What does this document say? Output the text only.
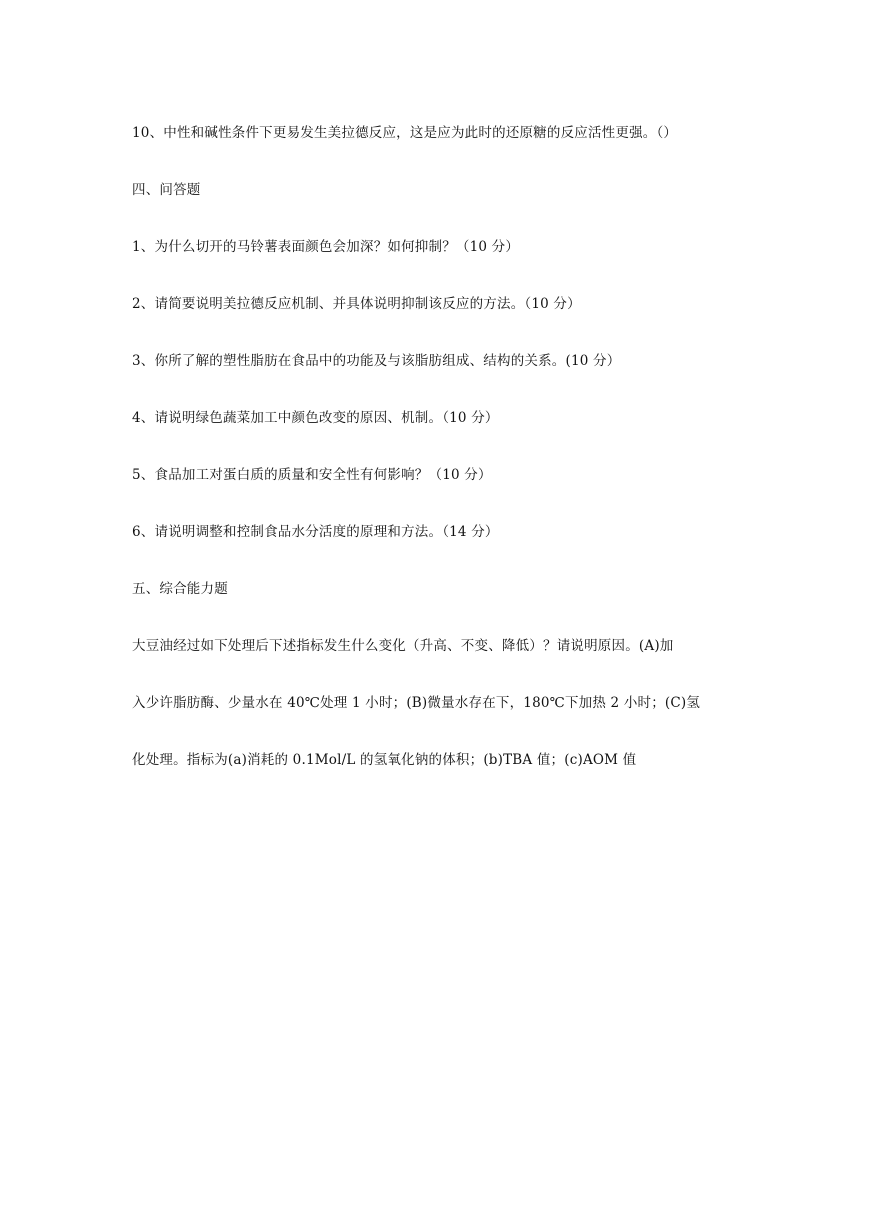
10、中性和碱性条件下更易发生美拉德反应，这是应为此时的还原糖的反应活性更强。（）
四、问答题
1、为什么切开的马铃薯表面颜色会加深？如何抑制？（10 分）
2、请简要说明美拉德反应机制、并具体说明抑制该反应的方法。（10 分）
3、你所了解的塑性脂肪在食品中的功能及与该脂肪组成、结构的关系。(10 分）
4、请说明绿色蔬菜加工中颜色改变的原因、机制。（10 分）
5、食品加工对蛋白质的质量和安全性有何影响？（10 分）
6、请说明调整和控制食品水分活度的原理和方法。（14 分）
五、综合能力题
大豆油经过如下处理后下述指标发生什么变化（升高、不变、降低）？请说明原因。(A)加
入少许脂肪酶、少量水在 40℃处理 1 小时；(B)微量水存在下，180℃下加热 2 小时；(C)氢
化处理。指标为(a)消耗的 0.1Mol/L 的氢氧化钠的体积；(b)TBA 值；(c)AOM 值
